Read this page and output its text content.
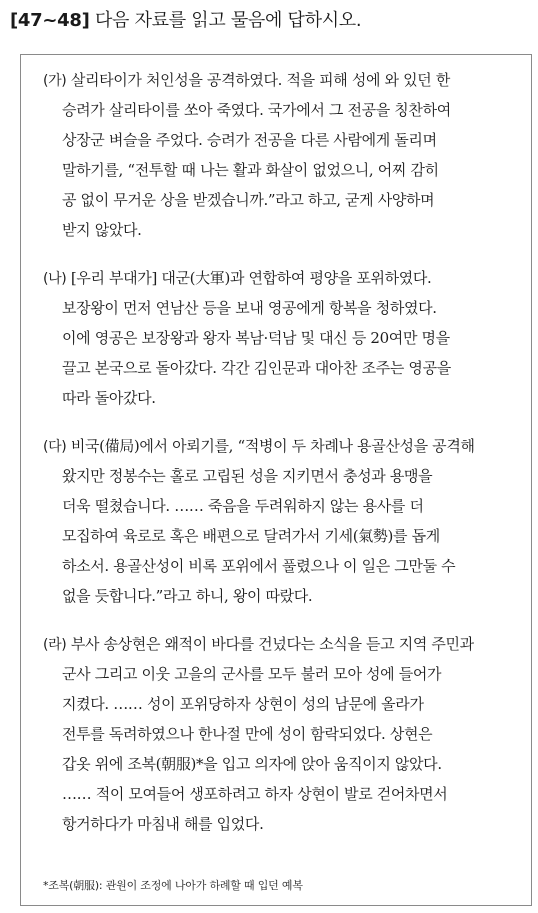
[47~48] 다음 자료를 읽고 물음에 답하시오.
(가) 살리타이가 처인성을 공격하였다. 적을 피해 성에 와 있던 한
승려가 살리타이를 쏘아 죽였다. 국가에서 그 전공을 칭찬하여
상장군 벼슬을 주었다. 승려가 전공을 다른 사람에게 돌리며
말하기를, “전투할 때 나는 활과 화살이 없었으니, 어찌 감히
공 없이 무거운 상을 받겠습니까.”라고 하고, 굳게 사양하며
받지 않았다.
(나) [우리 부대가] 대군(大軍)과 연합하여 평양을 포위하였다.
보장왕이 먼저 연남산 등을 보내 영공에게 항복을 청하였다.
이에 영공은 보장왕과 왕자 복남·덕남 및 대신 등 20여만 명을
끌고 본국으로 돌아갔다. 각간 김인문과 대아찬 조주는 영공을
따라 돌아갔다.
(다) 비국(備局)에서 아뢰기를, “적병이 두 차례나 용골산성을 공격해
왔지만 정봉수는 홀로 고립된 성을 지키면서 충성과 용맹을
더욱 떨쳤습니다. …… 죽음을 두려워하지 않는 용사를 더
모집하여 육로로 혹은 배편으로 달려가서 기세(氣勢)를 돕게
하소서. 용골산성이 비록 포위에서 풀렸으나 이 일은 그만둘 수
없을 듯합니다.”라고 하니, 왕이 따랐다.
(라) 부사 송상현은 왜적이 바다를 건넜다는 소식을 듣고 지역 주민과
군사 그리고 이웃 고을의 군사를 모두 불러 모아 성에 들어가
지켰다. …… 성이 포위당하자 상현이 성의 남문에 올라가
전투를 독려하였으나 한나절 만에 성이 함락되었다. 상현은
갑옷 위에 조복(朝服)*을 입고 의자에 앉아 움직이지 않았다.
…… 적이 모여들어 생포하려고 하자 상현이 발로 걷어차면서
항거하다가 마침내 해를 입었다.
*조복(朝服): 관원이 조정에 나아가 하례할 때 입던 예복
